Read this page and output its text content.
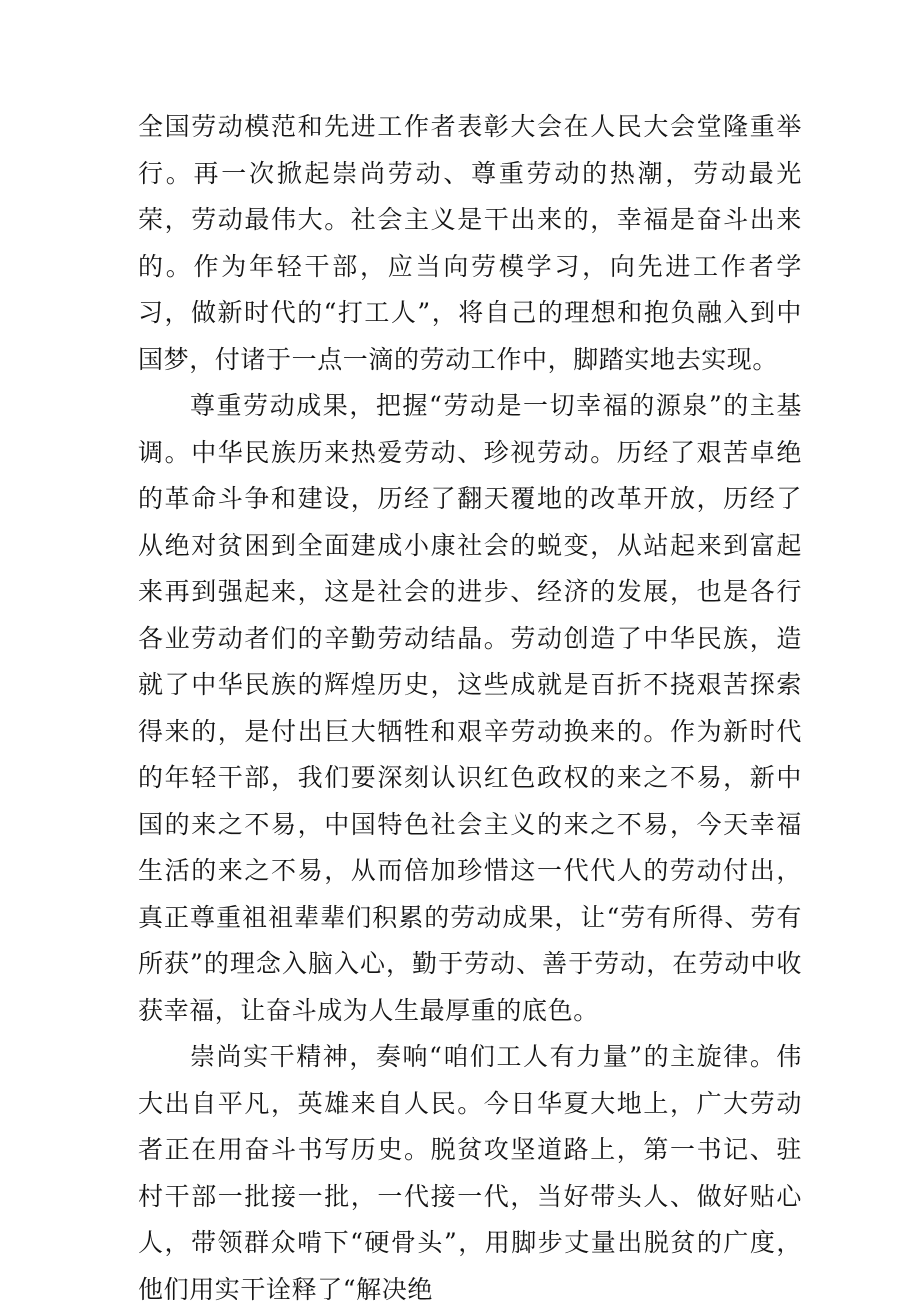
全国劳动模范和先进工作者表彰大会在人民大会堂隆重举行。再一次掀起崇尚劳动、尊重劳动的热潮，劳动最光荣，劳动最伟大。社会主义是干出来的，幸福是奋斗出来的。作为年轻干部，应当向劳模学习，向先进工作者学习，做新时代的“打工人”，将自己的理想和抱负融入到中国梦，付诸于一点一滴的劳动工作中，脚踏实地去实现。

尊重劳动成果，把握“劳动是一切幸福的源泉”的主基调。中华民族历来热爱劳动、珍视劳动。历经了艰苦卓绝的革命斗争和建设，历经了翻天覆地的改革开放，历经了从绝对贫困到全面建成小康社会的蜕变，从站起来到富起来再到强起来，这是社会的进步、经济的发展，也是各行各业劳动者们的辛勤劳动结晶。劳动创造了中华民族，造就了中华民族的辉煌历史，这些成就是百折不挠艰苦探索得来的，是付出巨大牺牲和艰辛劳动换来的。作为新时代的年轻干部，我们要深刻认识红色政权的来之不易，新中国的来之不易，中国特色社会主义的来之不易，今天幸福生活的来之不易，从而倍加珍惜这一代代人的劳动付出，真正尊重祖祖辈辈们积累的劳动成果，让“劳有所得、劳有所获”的理念入脑入心，勤于劳动、善于劳动，在劳动中收获幸福，让奋斗成为人生最厚重的底色。

崇尚实干精神，奏响“咱们工人有力量”的主旋律。伟大出自平凡，英雄来自人民。今日华夏大地上，广大劳动者正在用奋斗书写历史。脱贫攻坚道路上，第一书记、驻村干部一批接一批，一代接一代，当好带头人、做好贴心人，带领群众啃下“硬骨头”，用脚步丈量出脱贫的广度，他们用实干诠释了“解决绝
